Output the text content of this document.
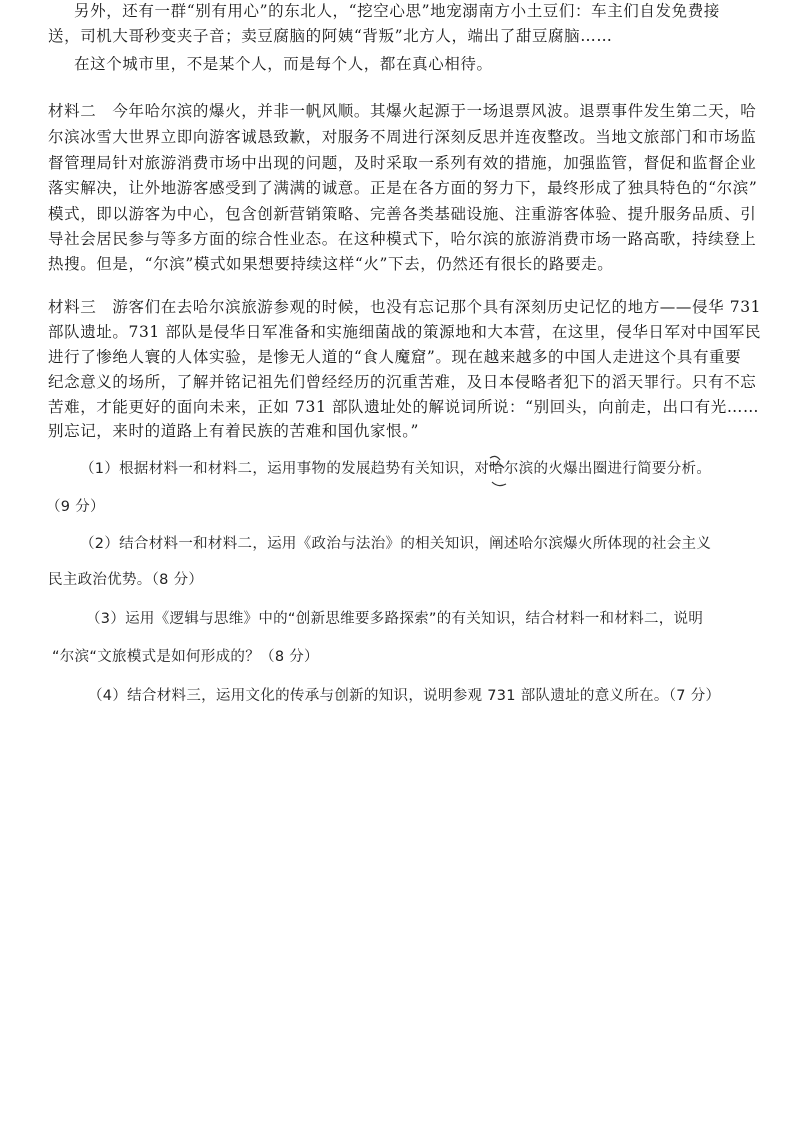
另外，还有一群“别有用心”的东北人，“挖空心思”地宠溺南方小土豆们：车主们自发免费接
送，司机大哥秒变夹子音；卖豆腐脑的阿姨“背叛”北方人，端出了甜豆腐脑……
在这个城市里，不是某个人，而是每个人，都在真心相待。
材料二　今年哈尔滨的爆火，并非一帆风顺。其爆火起源于一场退票风波。退票事件发生第二天，哈
尔滨冰雪大世界立即向游客诚恳致歉，对服务不周进行深刻反思并连夜整改。当地文旅部门和市场监
督管理局针对旅游消费市场中出现的问题，及时采取一系列有效的措施，加强监管，督促和监督企业
落实解决，让外地游客感受到了满满的诚意。正是在各方面的努力下，最终形成了独具特色的“尔滨”
模式，即以游客为中心，包含创新营销策略、完善各类基础设施、注重游客体验、提升服务品质、引
导社会居民参与等多方面的综合性业态。在这种模式下，哈尔滨的旅游消费市场一路高歌，持续登上
热搜。但是，“尔滨”模式如果想要持续这样“火”下去，仍然还有很长的路要走。
材料三　游客们在去哈尔滨旅游参观的时候，也没有忘记那个具有深刻历史记忆的地方——侵华 731
部队遗址。731 部队是侵华日军准备和实施细菌战的策源地和大本营，在这里，侵华日军对中国军民
进行了惨绝人寰的人体实验，是惨无人道的“食人魔窟”。现在越来越多的中国人走进这个具有重要
纪念意义的场所，了解并铭记祖先们曾经经历的沉重苦难，及日本侵略者犯下的滔天罪行。只有不忘
苦难，才能更好的面向未来，正如 731 部队遗址处的解说词所说：“别回头，向前走，出口有光……
别忘记，来时的道路上有着民族的苦难和国仇家恨。”
（1）根据材料一和材料二，运用事物的发展趋势有关知识，对哈尔滨的火爆出圈进行简要分析。
（9 分）
（2）结合材料一和材料二，运用《政治与法治》的相关知识，阐述哈尔滨爆火所体现的社会主义
民主政治优势。（8 分）
（3）运用《逻辑与思维》中的“创新思维要多路探索”的有关知识，结合材料一和材料二，说明
“尔滨“文旅模式是如何形成的？（8 分）
（4）结合材料三，运用文化的传承与创新的知识，说明参观 731 部队遗址的意义所在。（7 分）
